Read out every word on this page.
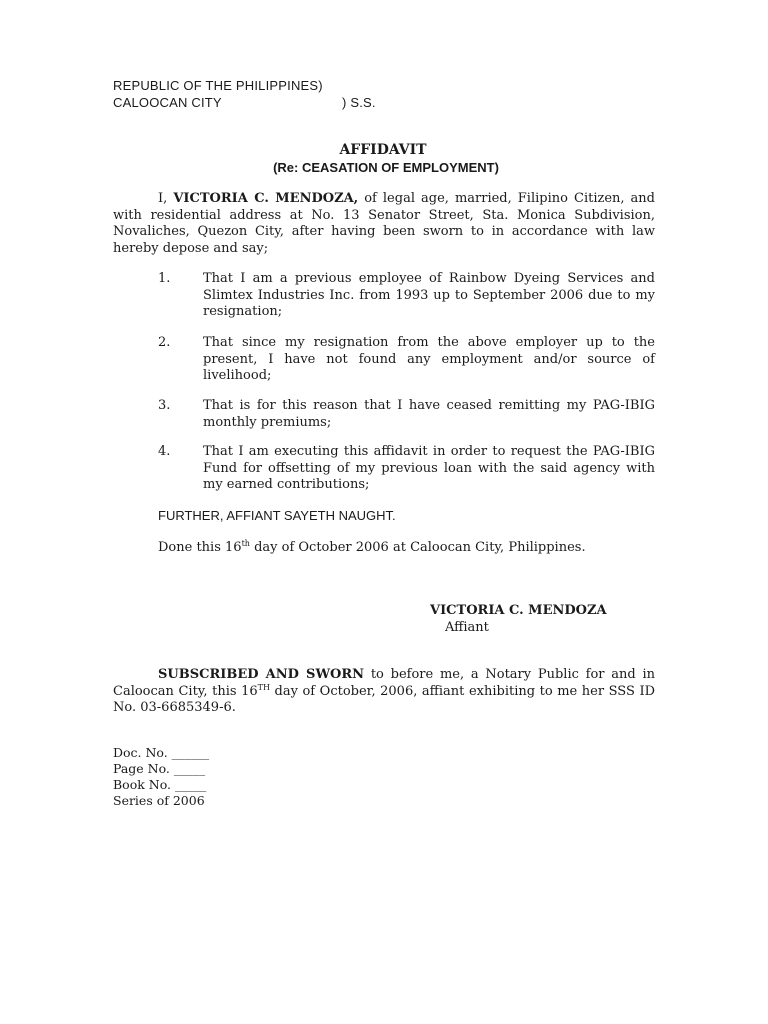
REPUBLIC OF THE PHILIPPINES)
CALOOCAN CITY	) S.S.
AFFIDAVIT
(Re: CEASATION OF EMPLOYMENT)
I, VICTORIA C. MENDOZA, of legal age, married, Filipino Citizen, and with residential address at No. 13 Senator Street, Sta. Monica Subdivision, Novaliches, Quezon City, after having been sworn to in accordance with law hereby depose and say;
1.	That I am a previous employee of Rainbow Dyeing Services and Slimtex Industries Inc. from 1993 up to September 2006 due to my resignation;
2.	That since my resignation from the above employer up to the present, I have not found any employment and/or source of livelihood;
3.	That is for this reason that I have ceased remitting my PAG-IBIG monthly premiums;
4.	That I am executing this affidavit in order to request the PAG-IBIG Fund for offsetting of my previous loan with the said agency with my earned contributions;
FURTHER, AFFIANT SAYETH NAUGHT.
Done this 16th day of October 2006 at Caloocan City, Philippines.
VICTORIA C. MENDOZA
Affiant
SUBSCRIBED AND SWORN to before me, a Notary Public for and in Caloocan City, this 16TH day of October, 2006, affiant exhibiting to me her SSS ID No. 03-6685349-6.
Doc. No. ______
Page No. _____
Book No. _____
Series of 2006
